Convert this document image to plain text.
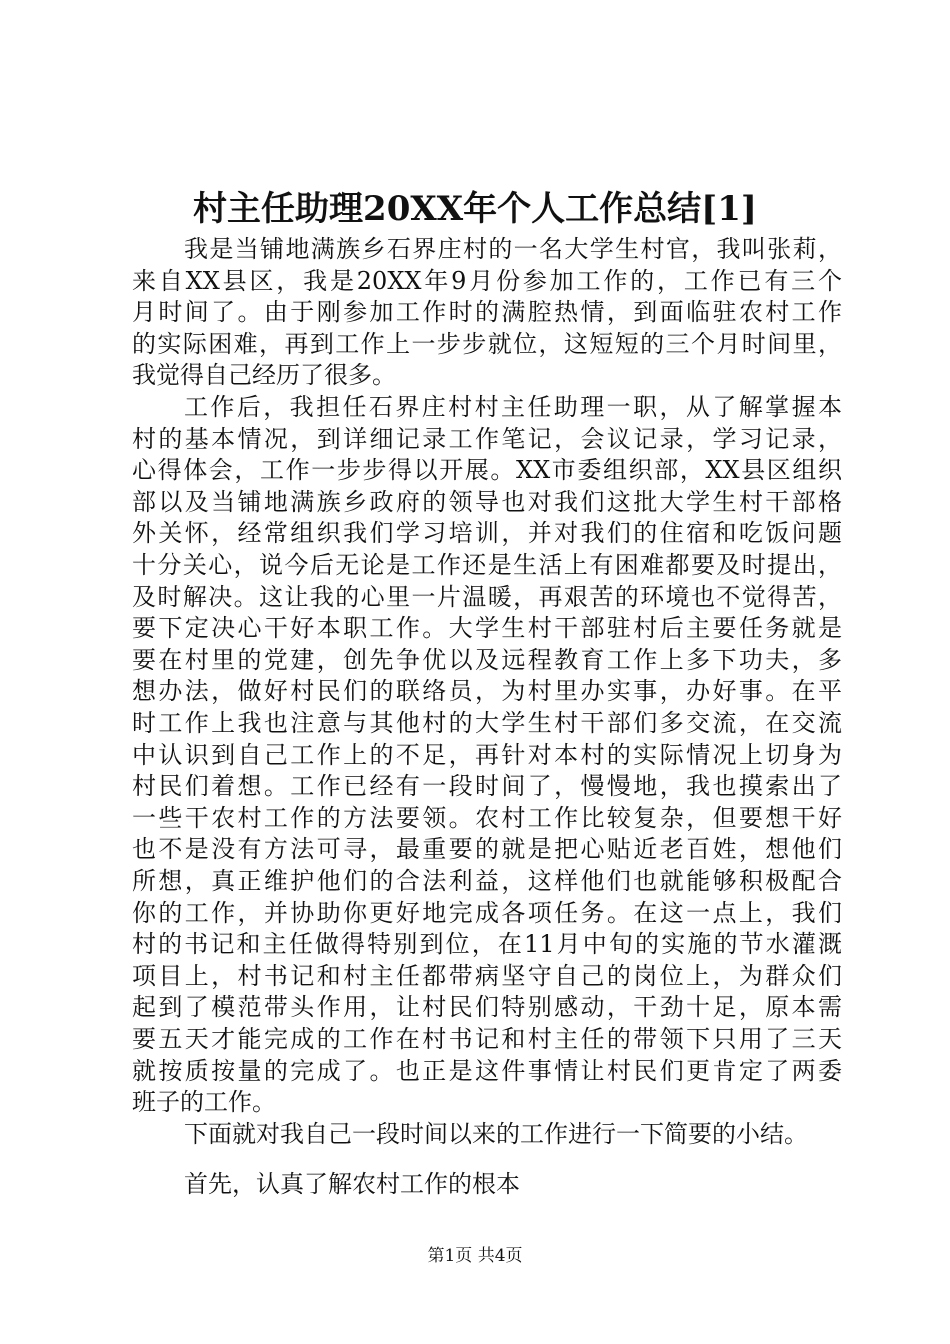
村主任助理20XX年个人工作总结[1]
我是当铺地满族乡石界庄村的一名大学生村官，我叫张莉，
来自XX县区，我是20XX年9月份参加工作的，工作已有三个
月时间了。由于刚参加工作时的满腔热情，到面临驻农村工作
的实际困难，再到工作上一步步就位，这短短的三个月时间里，
我觉得自己经历了很多。
工作后，我担任石界庄村村主任助理一职，从了解掌握本
村的基本情况，到详细记录工作笔记，会议记录，学习记录，
心得体会，工作一步步得以开展。XX市委组织部，XX县区组织
部以及当铺地满族乡政府的领导也对我们这批大学生村干部格
外关怀，经常组织我们学习培训，并对我们的住宿和吃饭问题
十分关心，说今后无论是工作还是生活上有困难都要及时提出，
及时解决。这让我的心里一片温暖，再艰苦的环境也不觉得苦，
要下定决心干好本职工作。大学生村干部驻村后主要任务就是
要在村里的党建，创先争优以及远程教育工作上多下功夫，多
想办法，做好村民们的联络员，为村里办实事，办好事。在平
时工作上我也注意与其他村的大学生村干部们多交流，在交流
中认识到自己工作上的不足，再针对本村的实际情况上切身为
村民们着想。工作已经有一段时间了，慢慢地，我也摸索出了
一些干农村工作的方法要领。农村工作比较复杂，但要想干好
也不是没有方法可寻，最重要的就是把心贴近老百姓，想他们
所想，真正维护他们的合法利益，这样他们也就能够积极配合
你的工作，并协助你更好地完成各项任务。在这一点上，我们
村的书记和主任做得特别到位，在11月中旬的实施的节水灌溉
项目上，村书记和村主任都带病坚守自己的岗位上，为群众们
起到了模范带头作用，让村民们特别感动，干劲十足，原本需
要五天才能完成的工作在村书记和村主任的带领下只用了三天
就按质按量的完成了。也正是这件事情让村民们更肯定了两委
班子的工作。
下面就对我自己一段时间以来的工作进行一下简要的小结。
第1页 共4页
首先，认真了解农村工作的根本
